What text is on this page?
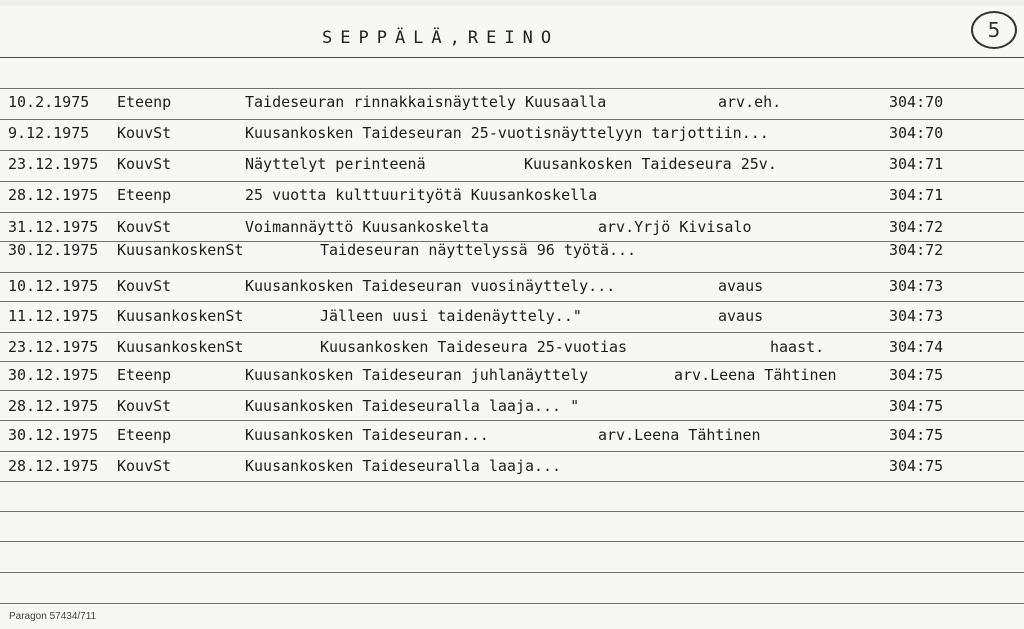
SEPPÄLÄ,REINO	5
10.2.1975 Eteenp	Taideseuran rinnakkaisnäyttely Kuusaalla	arv.eh.	304:70
9.12.1975 KouvSt	Kuusankosken Taideseuran 25-vuotisnäyttelyyn tarjottiin...	304:70
23.12.1975 KouvSt	Näyttelyt perinteenä	Kuusankosken Taideseura 25v.	304:71
28.12.1975 Eteenp	25 vuotta kulttuurityötä Kuusankoskella	304:71
31.12.1975 KouvSt	Voimannäyttö Kuusankoskelta	arv.Yrjö Kivisalo	304:72
30.12.1975 KuusankoskenSt	Taideseuran näyttelyssä 96 työtä...	304:72
10.12.1975 KouvSt	Kuusankosken Taideseuran vuosinäyttely...	avaus	304:73
11.12.1975 KuusankoskenSt	Jälleen uusi taidenäyttely.."	avaus	304:73
23.12.1975 KuusankoskenSt	Kuusankosken Taideseura 25-vuotias	haast.	304:74
30.12.1975 Eteenp	Kuusankosken Taideseuran juhlanäyttely	arv.Leena Tähtinen	304:75
28.12.1975 KouvSt	Kuusankosken Taideseuralla laaja... "	304:75
30.12.1975 Eteenp	Kuusankosken Taideseuran...	arv.Leena Tähtinen	304:75
28.12.1975 KouvSt	Kuusankosken Taideseuralla laaja...	304:75
Paragon 57434/711
